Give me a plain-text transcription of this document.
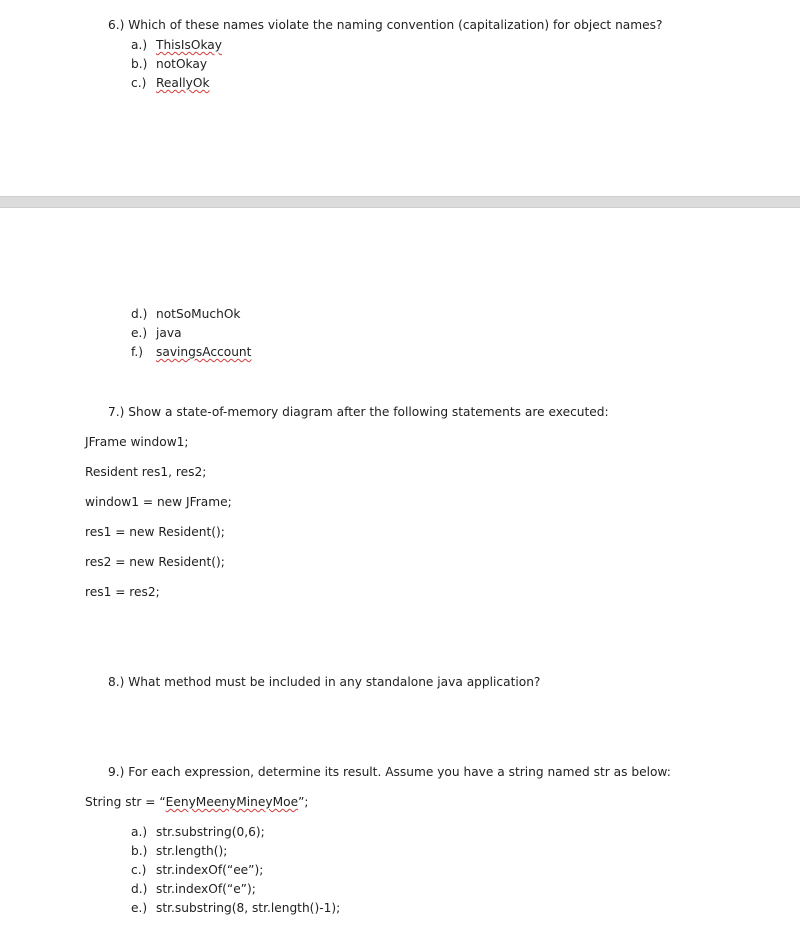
6.) Which of these names violate the naming convention (capitalization) for object names?
a.) ThisIsOkay
b.) notOkay
c.) ReallyOk
d.) notSoMuchOk
e.) java
f.) savingsAccount
7.) Show a state-of-memory diagram after the following statements are executed:
JFrame window1;
Resident res1, res2;
window1 = new JFrame;
res1 = new Resident();
res2 = new Resident();
res1 = res2;
8.) What method must be included in any standalone java application?
9.) For each expression, determine its result. Assume you have a string named str as below:
String str = “EenyMeenyMineyMoe”;
a.) str.substring(0,6);
b.) str.length();
c.) str.indexOf(“ee”);
d.) str.indexOf(“e”);
e.) str.substring(8, str.length()-1);
